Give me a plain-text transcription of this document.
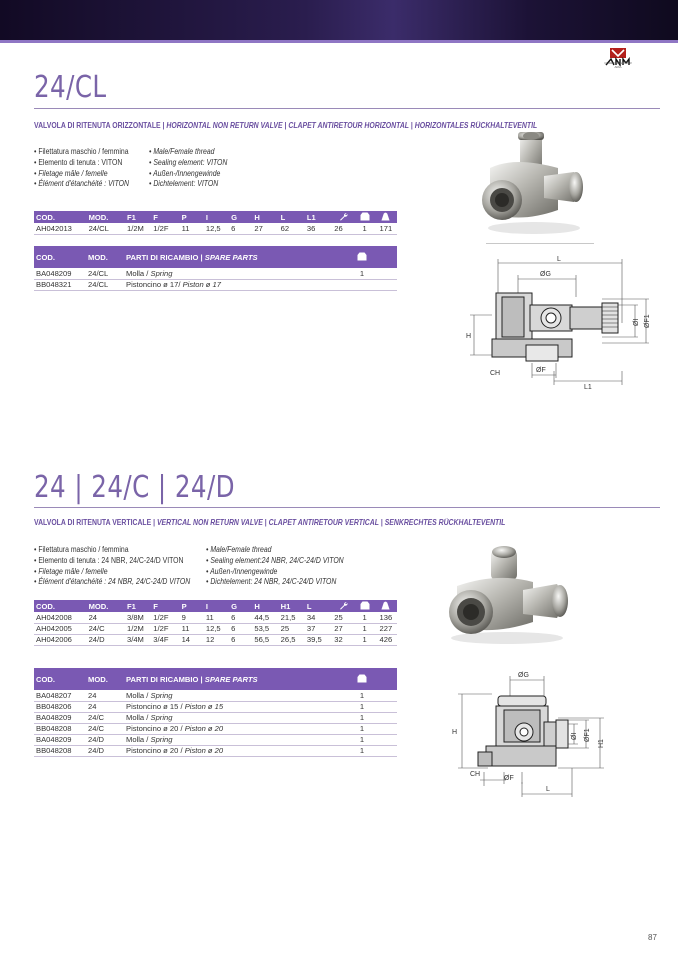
COMPONENTI PER ARIA
24/CL
VALVOLA DI RITENUTA ORIZZONTALE | HORIZONTAL NON RETURN VALVE | CLAPET ANTIRETOUR HORIZONTAL | HORIZONTALES RÜCKHALTEVENTIL
• Filettatura maschio / femmina
• Elemento di tenuta : VITON
• Filetage mâle / femelle
• Élément d'étanchéité : VITON
• Male/Female thread
• Sealing element: VITON
• Außen-/Innengewinde
• Dichtelement: VITON
COD.	MOD.	F1	F	P	I	G	H	L	L1			
AH042013	24/CL	1/2M	1/2F	11	12,5	6	27	62	36	26	1	171
COD.	MOD.	PARTI DI RICAMBIO | SPARE PARTS		
BA048209	24/CL	Molla / Spring	1	
BB048321	24/CL	Pistoncino ø 17/ Piston ø 17		
L
ØG
H
CH	ØF
L1
ØI ØF1
24 | 24/C | 24/D
VALVOLA DI RITENUTA VERTICALE | VERTICAL NON RETURN VALVE | CLAPET ANTIRETOUR VERTICAL | SENKRECHTES RÜCKHALTEVENTIL
• Filettatura maschio / femmina
• Elemento di tenuta : 24 NBR, 24/C-24/D VITON
• Filetage mâle / femelle
• Élément d'étanchéité : 24 NBR, 24/C-24/D VITON
• Male/Female thread
• Sealing element:24 NBR, 24/C-24/D VITON
• Außen-/Innengewinde
• Dichtelement: 24 NBR, 24/C-24/D VITON
COD.	MOD.	F1	F	P	I	G	H	H1	L			
AH042008	24	3/8M	1/2F	9	11	6	44,5	21,5	34	25	1	136
AH042005	24/C	1/2M	1/2F	11	12,5	6	53,5	25	37	27	1	227
AH042006	24/D	3/4M	3/4F	14	12	6	56,5	26,5	39,5	32	1	426
COD.	MOD.	PARTI DI RICAMBIO | SPARE PARTS		
BA048207	24	Molla / Spring	1	
BB048206	24	Pistoncino ø 15 / Piston ø 15	1	
BA048209	24/C	Molla / Spring	1	
BB048208	24/C	Pistoncino ø 20 / Piston ø 20	1	
BA048209	24/D	Molla / Spring	1	
BB048208	24/D	Pistoncino ø 20 / Piston ø 20	1	
ØG
H
H1
ØI ØF1
CH
ØF
L
87
